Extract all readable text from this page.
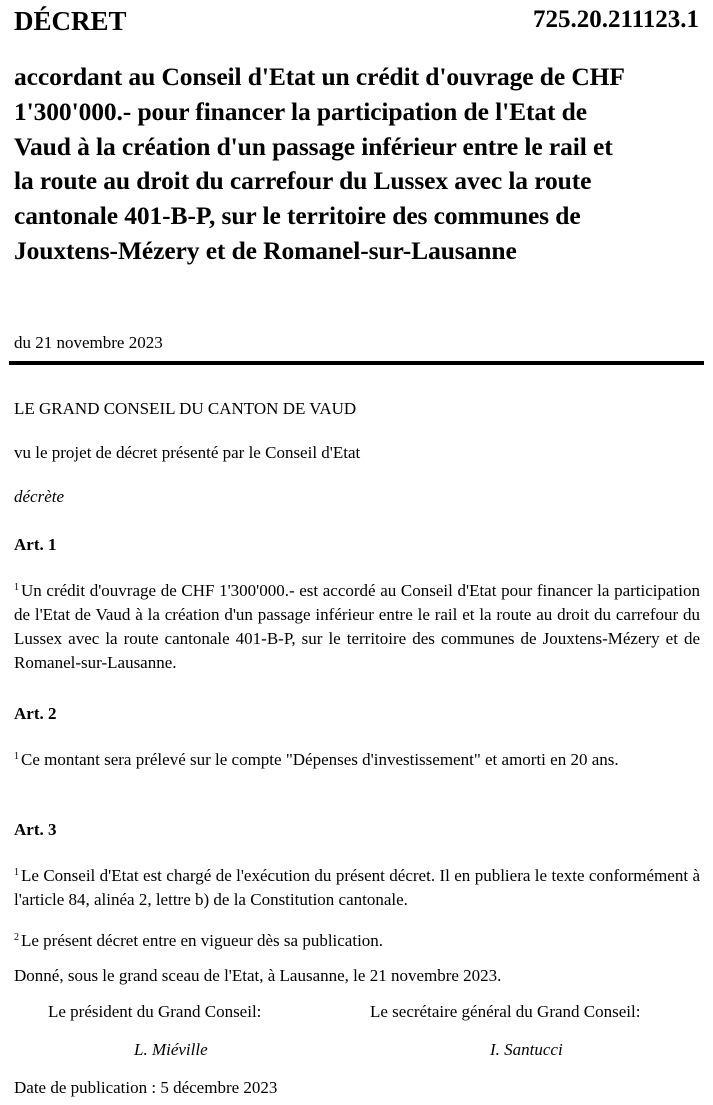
DÉCRET	725.20.211123.1
accordant au Conseil d'Etat un crédit d'ouvrage de CHF
1'300'000.- pour financer la participation de l'Etat de
Vaud à la création d'un passage inférieur entre le rail et
la route au droit du carrefour du Lussex avec la route
cantonale 401-B-P, sur le territoire des communes de
Jouxtens-Mézery et de Romanel-sur-Lausanne
du 21 novembre 2023
LE GRAND CONSEIL DU CANTON DE VAUD
vu le projet de décret présenté par le Conseil d'Etat
décrète
Art. 1
$^1$ Un crédit d'ouvrage de CHF 1'300'000.- est accordé au Conseil d'Etat pour financer la participation de l'Etat de Vaud à la création d'un passage inférieur entre le rail et la route au droit du carrefour du Lussex avec la route cantonale 401-B-P, sur le territoire des communes de Jouxtens-Mézery et de Romanel-sur-Lausanne.
Art. 2
$^1$ Ce montant sera prélevé sur le compte "Dépenses d'investissement" et amorti en 20 ans.
Art. 3
$^1$ Le Conseil d'Etat est chargé de l'exécution du présent décret. Il en publiera le texte conformément à l'article 84, alinéa 2, lettre b) de la Constitution cantonale.
$^2$ Le présent décret entre en vigueur dès sa publication.
Donné, sous le grand sceau de l'Etat, à Lausanne, le 21 novembre 2023.
Le président du Grand Conseil:	Le secrétaire général du Grand Conseil:
L. Miéville	I. Santucci
Date de publication : 5 décembre 2023
